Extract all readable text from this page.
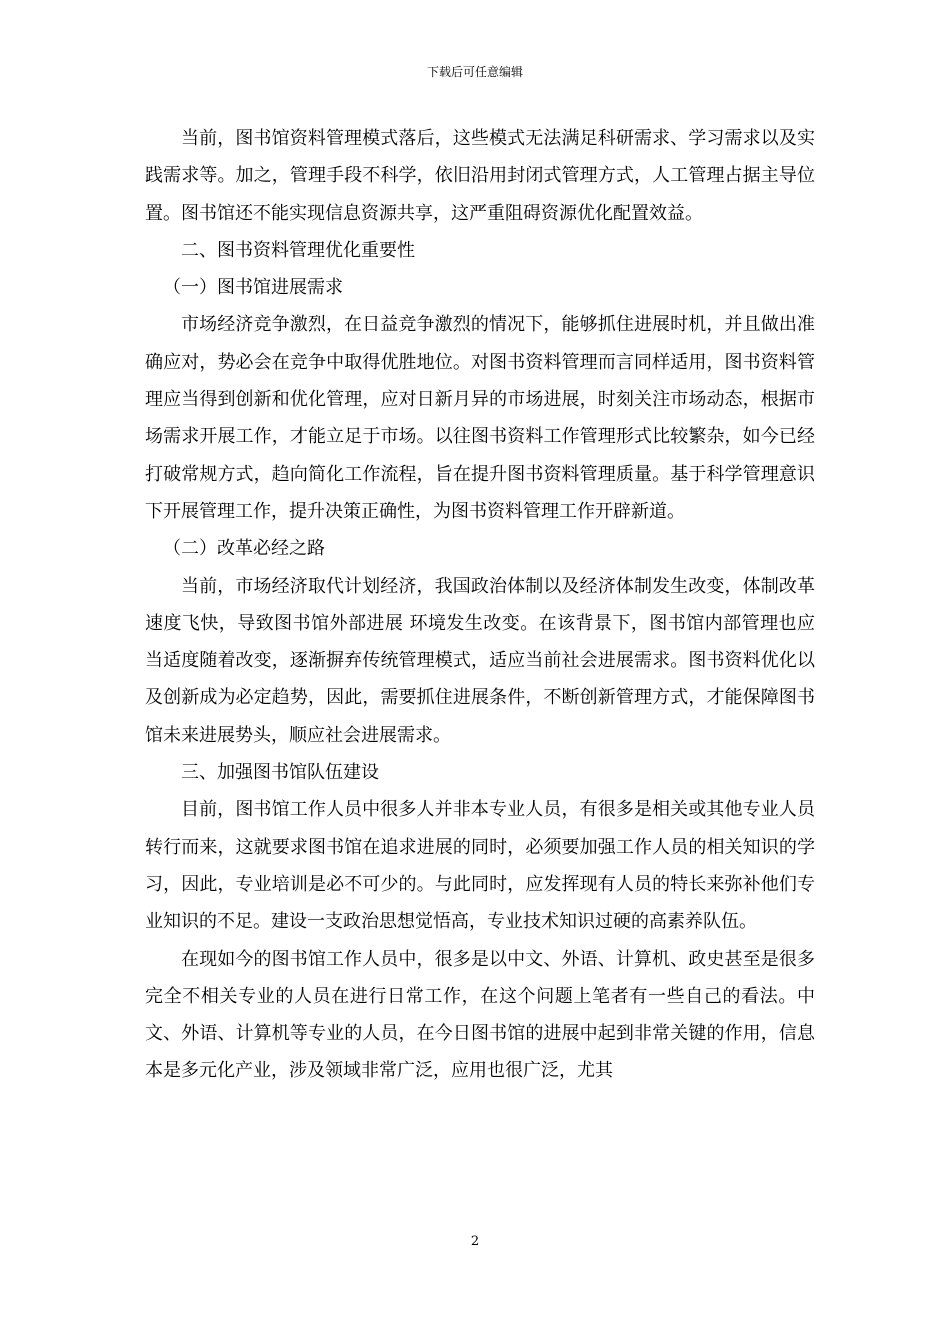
下载后可任意编辑

当前，图书馆资料管理模式落后，这些模式无法满足科研需求、学习需求以及实践需求等。加之，管理手段不科学，依旧沿用封闭式管理方式，人工管理占据主导位置。图书馆还不能实现信息资源共享，这严重阻碍资源优化配置效益。

二、图书资料管理优化重要性

（一）图书馆进展需求

市场经济竞争激烈，在日益竞争激烈的情况下，能够抓住进展时机，并且做出准确应对，势必会在竞争中取得优胜地位。对图书资料管理而言同样适用，图书资料管 理应当得到创新和优化管理，应对日新月异的市场进展，时刻关注市场动态，根据市场需求开展工作，才能立足于市场。以往图书资料工作管理形式比较繁杂，如今已经打破常规方式，趋向简化工作流程，旨在提升图书资料管理质量。基于科学管理意识下开展管理工作，提升决策正确性，为图书资料管理工作开辟新道。

（二）改革必经之路

当前，市场经济取代计划经济，我国政治体制以及经济体制发生改变，体制改革速度飞快，导致图书馆外部进展 环境发生改变。在该背景下，图书馆内部管理也应当适度随着改变，逐渐摒弃传统管理模式，适应当前社会进展需求。图书资料优化以及创新成为必定趋势，因此，需要抓住进展条件，不断创新管理方式，才能保障图书馆未来进展势头，顺应社会进展需求。

三、加强图书馆队伍建设

目前，图书馆工作人员中很多人并非本专业人员，有很多是相关或其他专业人员转行而来，这就要求图书馆在追求进展的同时，必须要加强工作人员的相关知识的学习，因此，专业培训是必不可少的。与此同时，应发挥现有人员的特长来弥补他们专业知识的不足。建设一支政治思想觉悟高，专业技术知识过硬的高素养队伍。

在现如今的图书馆工作人员中，很多是以中文、外语、计算机、政史甚至是很多完全不相关专业的人员在进行日常工作，在这个问题上笔者有一些自己的看法。中文、外语、计算机等专业的人员，在今日图书馆的进展中起到非常关键的作用，信息本是多元化产业，涉及领域非常广泛，应用也很广泛，尤其

2
